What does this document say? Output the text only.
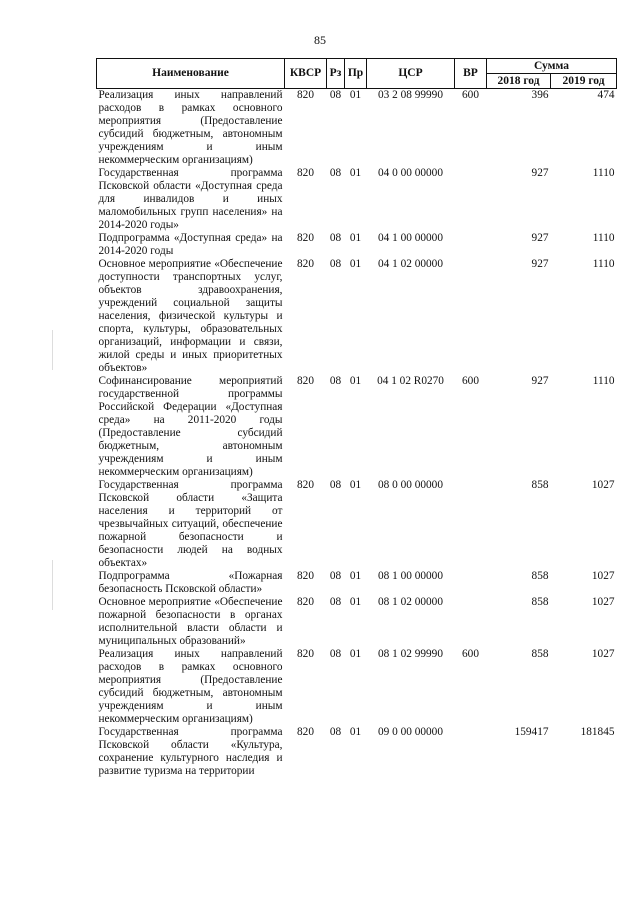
85
Наименование	КВСР	Рз	Пр	ЦСР	ВР	Сумма	
						2018 год	2019 год
Реализация иных направлений расходов в рамках основного мероприятия (Предоставление субсидий бюджетным, автономным учреждениям и иным некоммерческим организациям)	820	08	01	03 2 08 99990	600	396	474
Государственная программа Псковской области «Доступная среда для инвалидов и иных маломобильных групп населения» на 2014-2020 годы»	820	08	01	04 0 00 00000		927	1110
Подпрограмма «Доступная среда» на 2014-2020 годы	820	08	01	04 1 00 00000		927	1110
Основное мероприятие «Обеспечение доступности транспортных услуг, объектов здравоохранения, учреждений социальной защиты населения, физической культуры и спорта, культуры, образовательных организаций, информации и связи, жилой среды и иных приоритетных объектов»	820	08	01	04 1 02 00000		927	1110
Софинансирование мероприятий государственной программы Российской Федерации «Доступная среда» на 2011-2020 годы (Предоставление субсидий бюджетным, автономным учреждениям и иным некоммерческим организациям)	820	08	01	04 1 02 R0270	600	927	1110
Государственная программа Псковской области «Защита населения и территорий от чрезвычайных ситуаций, обеспечение пожарной безопасности и безопасности людей на водных объектах»	820	08	01	08 0 00 00000		858	1027
Подпрограмма «Пожарная безопасность Псковской области»	820	08	01	08 1 00 00000		858	1027
Основное мероприятие «Обеспечение пожарной безопасности в органах исполнительной власти области и муниципальных образований»	820	08	01	08 1 02 00000		858	1027
Реализация иных направлений расходов в рамках основного мероприятия (Предоставление субсидий бюджетным, автономным учреждениям и иным некоммерческим организациям)	820	08	01	08 1 02 99990	600	858	1027
Государственная программа Псковской области «Культура, сохранение культурного наследия и развитие туризма на территории	820	08	01	09 0 00 00000		159417	181845
